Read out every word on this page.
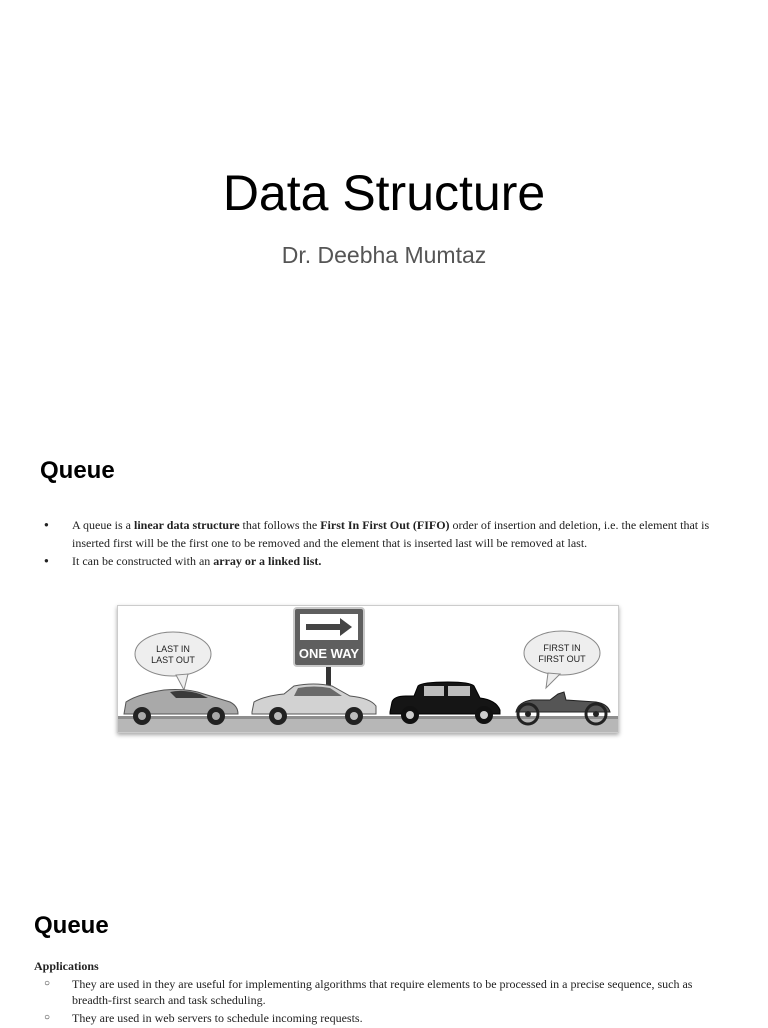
Data Structure
Dr. Deebha Mumtaz
Queue
● A queue is a linear data structure that follows the First In First Out (FIFO) order of insertion and deletion, i.e. the element that is inserted first will be the first one to be removed and the element that is inserted last will be removed at last.
● It can be constructed with an array or a linked list.
LAST IN
LAST OUT	ONE WAY	FIRST IN
FIRST OUT
Queue
Applications
○ They are used in they are useful for implementing algorithms that require elements to be processed in a precise sequence, such as breadth-first search and task scheduling.
○ They are used in web servers to schedule incoming requests.
